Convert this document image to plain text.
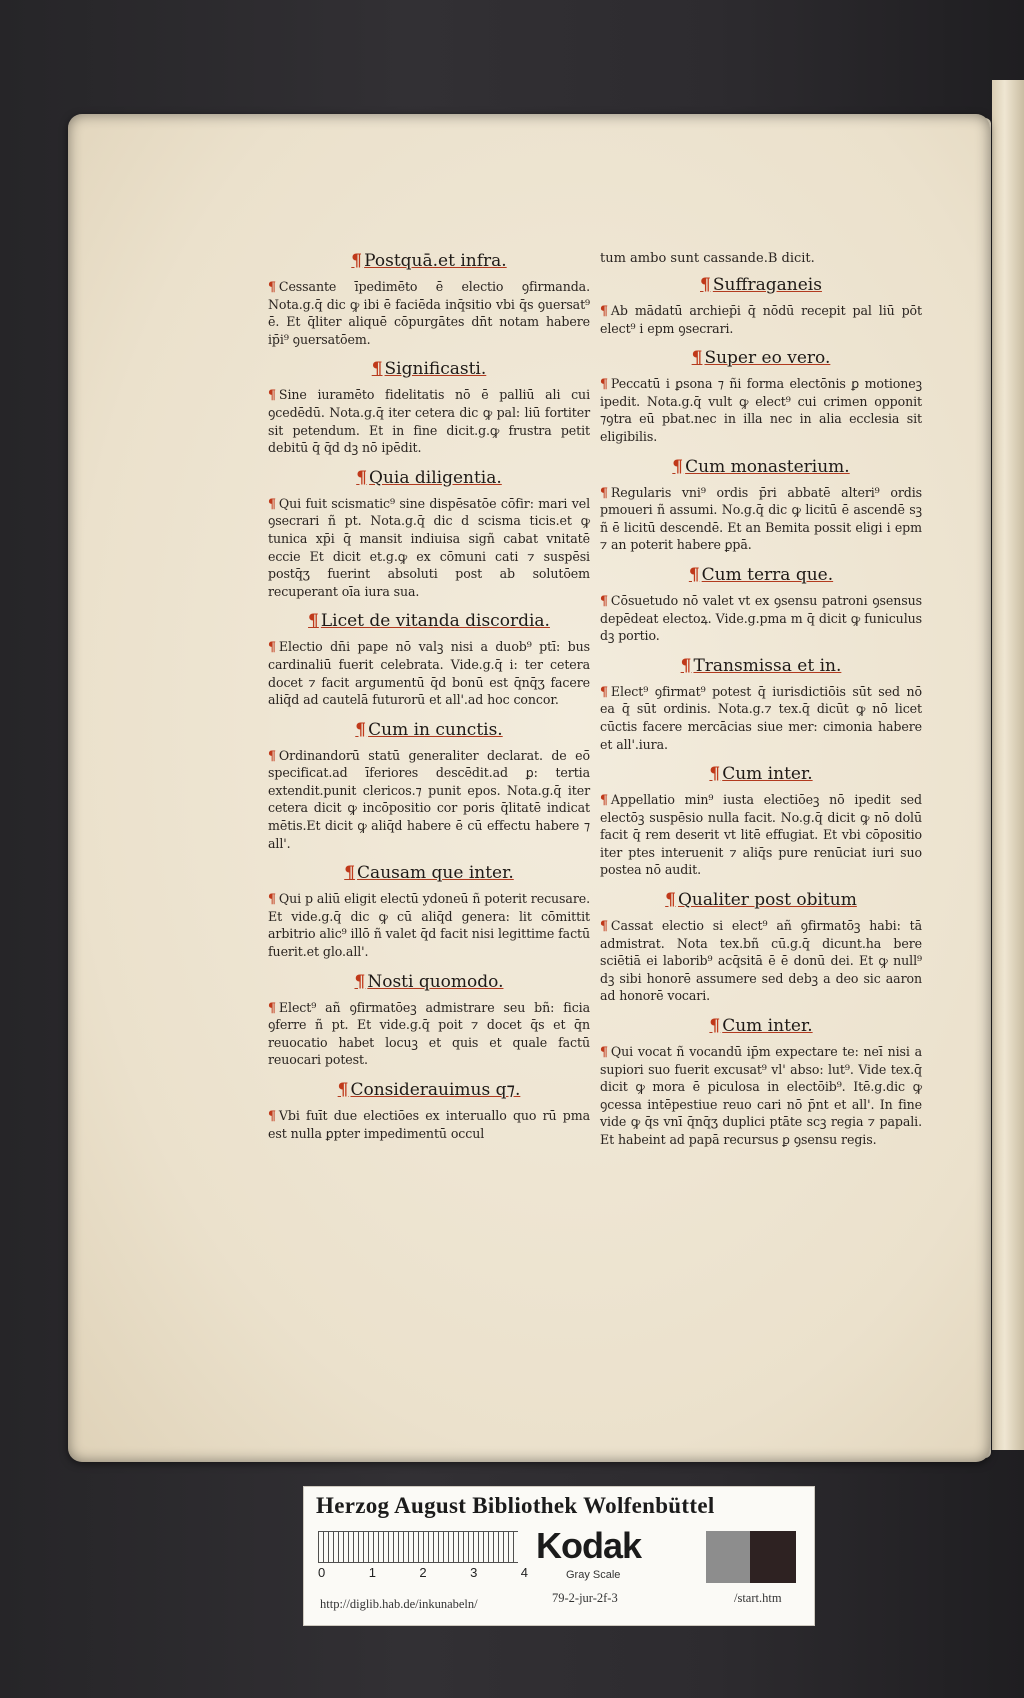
¶ Postquā.et infra.
¶ Cessante īpedimēto ē electio ꝯfirmanda. Nota.g.q̄ dic ꝙ ibi ē faciēda inq̄sitio vbi q̄s ꝯuersat⁹ ē. Et q̄liter aliquē cōpurgātes dn̄t notam habere ip̄i⁹ ꝯuersatōem.
¶ Significasti.
¶ Sine iuramēto fidelitatis nō ē palliū ali cui ꝯcedēdū. Nota.g.q̄ iter cetera dic ꝙ pal: liū fortiter sit petendum. Et in fine dicit.g.ꝙ frustra petit debitū q̄ q̄d dꝫ nō ipēdit.
¶ Quia diligentia.
¶ Qui fuit scismatic⁹ sine dispēsatōe cōfir: mari vel ꝯsecrari ñ pt. Nota.g.q̄ dic d scisma ticis.et ꝙ tunica xp̄i q̄ mansit indiuisa sigñ cabat vnitatē eccie Et dicit et.g.ꝙ ex cōmuni cati ⁊ suspēsi postq̄ʒ fuerint absoluti post ab solutōem recuperant oīa iura sua.
¶ Licet de vitanda discordia.
¶ Electio dn̄i pape nō valꝫ nisi a duob⁹ ptī: bus cardinaliū fuerit celebrata. Vide.g.q̄ i: ter cetera docet ⁊ facit argumentū q̄d bonū est q̄nq̄ʒ facere aliq̄d ad cautelā futurorū et all'.ad hoc concor.
¶ Cum in cunctis.
¶ Ordinandorū statū generaliter declarat. de eō̄ specificat.ad īferiores descēdit.ad ꝑ: tertia extendit.punit clericos.⁊ punit epos. Nota.g.q̄ iter cetera dicit ꝙ incōpositio cor poris q̄litatē indicat mētis.Et dicit ꝙ aliq̄d habere ē cū effectu habere ⁊ all'.
¶ Causam que inter.
¶ Qui p aliū eligit electū ydoneū ñ poterit recusare. Et vide.g.q̄ dic ꝙ cū aliq̄d genera: lit cōmittit arbitrio alic⁹ illō ñ valet q̄d facit nisi legittime factū fuerit.et glo.all'.
¶ Nosti quomodo.
¶ Elect⁹ añ ꝯfirmatōeꝫ admistrare seu bñ: ficia ꝯferre ñ pt. Et vide.g.q̄ poit ⁊ docet q̄s et q̄n reuocatio habet locuꝫ et quis et quale factū reuocari potest.
¶ Considerauimus q⁊.
¶ Vbi fuīt due electiōes ex interuallo quo rū pma est nulla ꝑpter impedimentū occul
tum ambo sunt cassande.B dicit.
¶ Suffraganeis
¶ Ab mādatū archiep̄i q̄ nōdū recepit pal liū pōt elect⁹ i epm ꝯsecrari.
¶ Super eo vero.
¶ Peccatū i ꝑsona ⁊ ñi forma electōnis ꝑ motioneꝫ ipedit. Nota.g.q̄ vult ꝙ elect⁹ cui crimen opponit ⁊ꝯtra eū pbat.nec in illa nec in alia ecclesia sit eligibilis.
¶ Cum monasterium.
¶ Regularis vni⁹ ordis p̄ri abbatē alteri⁹ ordis pmoueri ñ assumi. No.g.q̄ dic ꝙ licitū ē ascendē sꝫ ñ ē licitū descendē. Et an Bemita possit eligi i epm ⁊ an poterit habere ꝑpā.
¶ Cum terra que.
¶ Cōsuetudo nō valet vt ex ꝯsensu patroni ꝯsensus depēdeat electoꝝ. Vide.g.pma m q̄ dicit ꝙ funiculus dꝫ portio.
¶ Transmissa et in.
¶ Elect⁹ ꝯfirmat⁹ potest q̄ iurisdictiōis sūt sed nō ea q̄ sūt ordinis. Nota.g.⁊ tex.q̄ dicūt ꝙ nō licet cūctis facere mercācias siue mer: cimonia habere et all'.iura.
¶ Cum inter.
¶ Appellatio min⁹ iusta electiōeꝫ nō ipedit sed electōꝫ suspēsio nulla facit. No.g.q̄ dicit ꝙ nō dolū facit q̄ rem deserit vt litē effugiat. Et vbi cōpositio iter ptes interuenit ⁊ aliq̄s pure renūciat iuri suo postea nō audit.
¶ Qualiter post obitum
¶ Cassat electio si elect⁹ añ ꝯfirmatōꝫ habi: tā admistrat. Nota tex.bñ cū.g.q̄ dicunt.ha bere sciētiā ei laborib⁹ acq̄sitā ē ē donū dei. Et ꝙ null⁹ dꝫ sibi honorē assumere sed debꝫ a deo sic aaron ad honorē vocari.
¶ Cum inter.
¶ Qui vocat ñ vocandū ip̄m expectare te: neī nisi a supiori suo fuerit excusat⁹ vl' abso: lut⁹. Vide tex.q̄ dicit ꝙ mora ē piculosa in electōib⁹. Itē.g.dic ꝙ ꝯcessa intēpestiue reuo cari nō p̄nt et all'. In fine vide ꝙ q̄s vnī q̄nq̄ʒ duplici ptāte scꝫ regia ⁊ papali. Et habeint ad papā recursus ꝑ ꝯsensu regis.
Herzog August Bibliothek Wolfenbüttel
0	1	2	3	4
Kodak
Gray Scale
http://diglib.hab.de/inkunabeln/	79-2-jur-2f-3	/start.htm
